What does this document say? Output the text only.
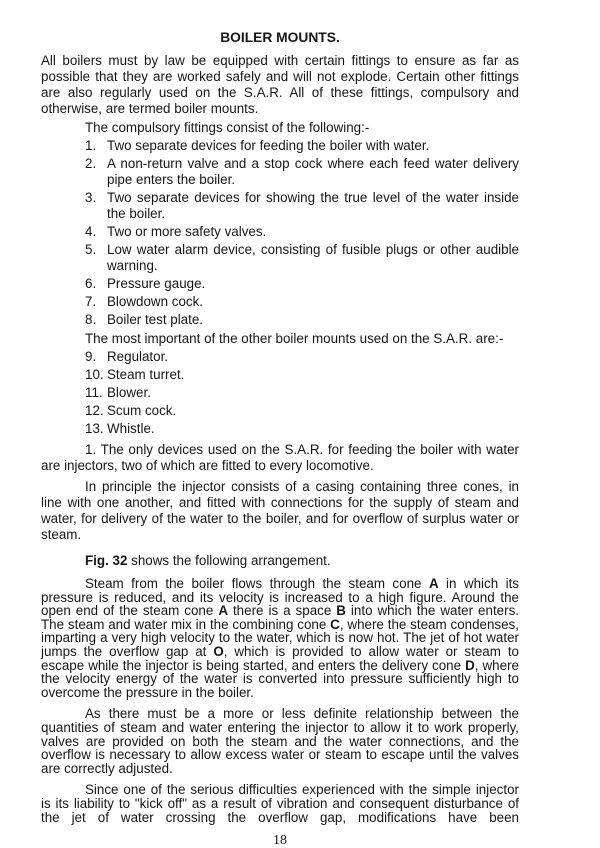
BOILER MOUNTS.

All boilers must by law be equipped with certain fittings to ensure as far as possible that they are worked safely and will not explode. Certain other fittings are also regularly used on the S.A.R. All of these fittings, compulsory and otherwise, are termed boiler mounts.

The compulsory fittings consist of the following:-

1. Two separate devices for feeding the boiler with water.
2. A non-return valve and a stop cock where each feed water delivery pipe enters the boiler.
3. Two separate devices for showing the true level of the water inside the boiler.
4. Two or more safety valves.
5. Low water alarm device, consisting of fusible plugs or other audible warning.
6. Pressure gauge.
7. Blowdown cock.
8. Boiler test plate.

The most important of the other boiler mounts used on the S.A.R. are:-

9. Regulator.
10. Steam turret.
11. Blower.
12. Scum cock.
13. Whistle.

1. The only devices used on the S.A.R. for feeding the boiler with water are injectors, two of which are fitted to every locomotive.

In principle the injector consists of a casing containing three cones, in line with one another, and fitted with connections for the supply of steam and water, for delivery of the water to the boiler, and for overflow of surplus water or steam.

Fig. 32 shows the following arrangement.

Steam from the boiler flows through the steam cone A in which its pressure is reduced, and its velocity is increased to a high figure. Around the open end of the steam cone A there is a space B into which the water enters. The steam and water mix in the combining cone C, where the steam condenses, imparting a very high velocity to the water, which is now hot. The jet of hot water jumps the overflow gap at O, which is provided to allow water or steam to escape while the injector is being started, and enters the delivery cone D, where the velocity energy of the water is converted into pressure sufficiently high to overcome the pressure in the boiler.

As there must be a more or less definite relationship between the quantities of steam and water entering the injector to allow it to work properly, valves are provided on both the steam and the water connections, and the overflow is necessary to allow excess water or steam to escape until the valves are correctly adjusted.

Since one of the serious difficulties experienced with the simple injector is its liability to "kick off" as a result of vibration and consequent disturbance of the jet of water crossing the overflow gap, modifications have been

18
